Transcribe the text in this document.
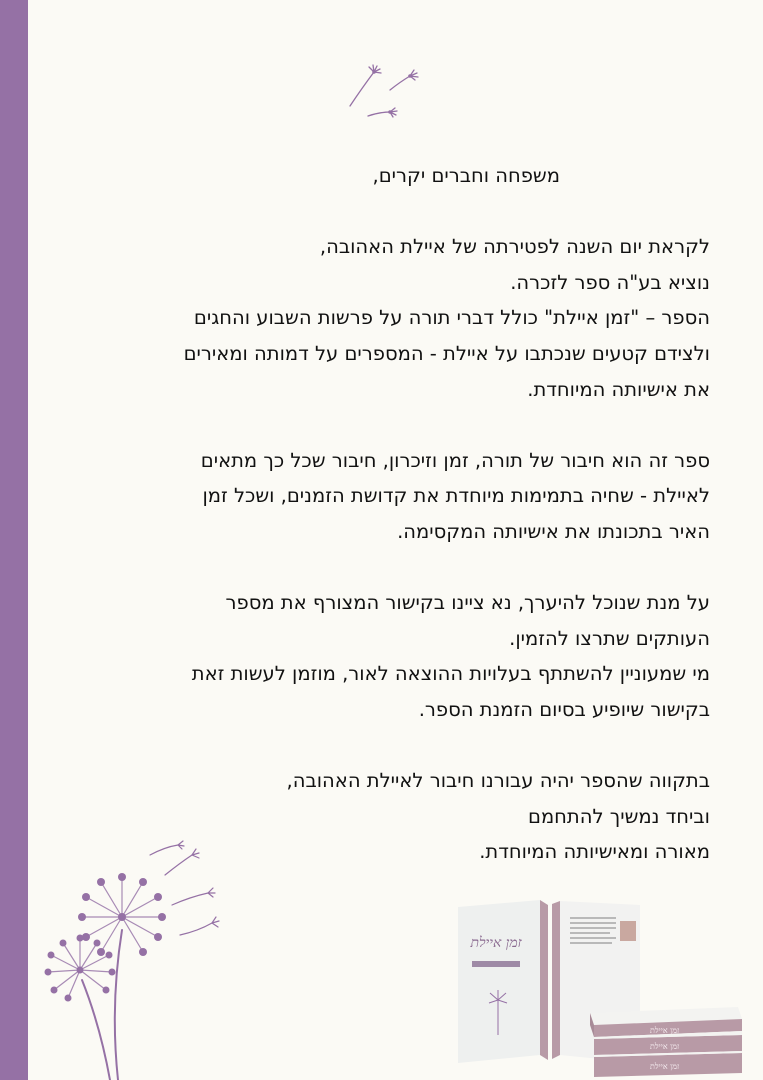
משפחה וחברים יקרים,
לקראת יום השנה לפטירתה של איילת האהובה,
נוציא בע"ה ספר לזכרה.
הספר – "זמן איילת" כולל דברי תורה על פרשות השבוע והחגים
ולצידם קטעים שנכתבו על איילת - המספרים על דמותה ומאירים
את אישיותה המיוחדת.
ספר זה הוא חיבור של תורה, זמן וזיכרון, חיבור שכל כך מתאים
לאיילת - שחיה בתמימות מיוחדת את קדושת הזמנים, ושכל זמן
האיר בתכונתו את אישיותה המקסימה.
על מנת שנוכל להיערך, נא ציינו בקישור המצורף את מספר
העותקים שתרצו להזמין.
מי שמעוניין להשתתף בעלויות ההוצאה לאור, מוזמן לעשות זאת
בקישור שיופיע בסיום הזמנת הספר.
בתקווה שהספר יהיה עבורנו חיבור לאיילת האהובה,
וביחד נמשיך להתחמם
מאורה ומאישיותה המיוחדת.
זמן איילת
זמן איילת
זמן איילת
זמן איילת
